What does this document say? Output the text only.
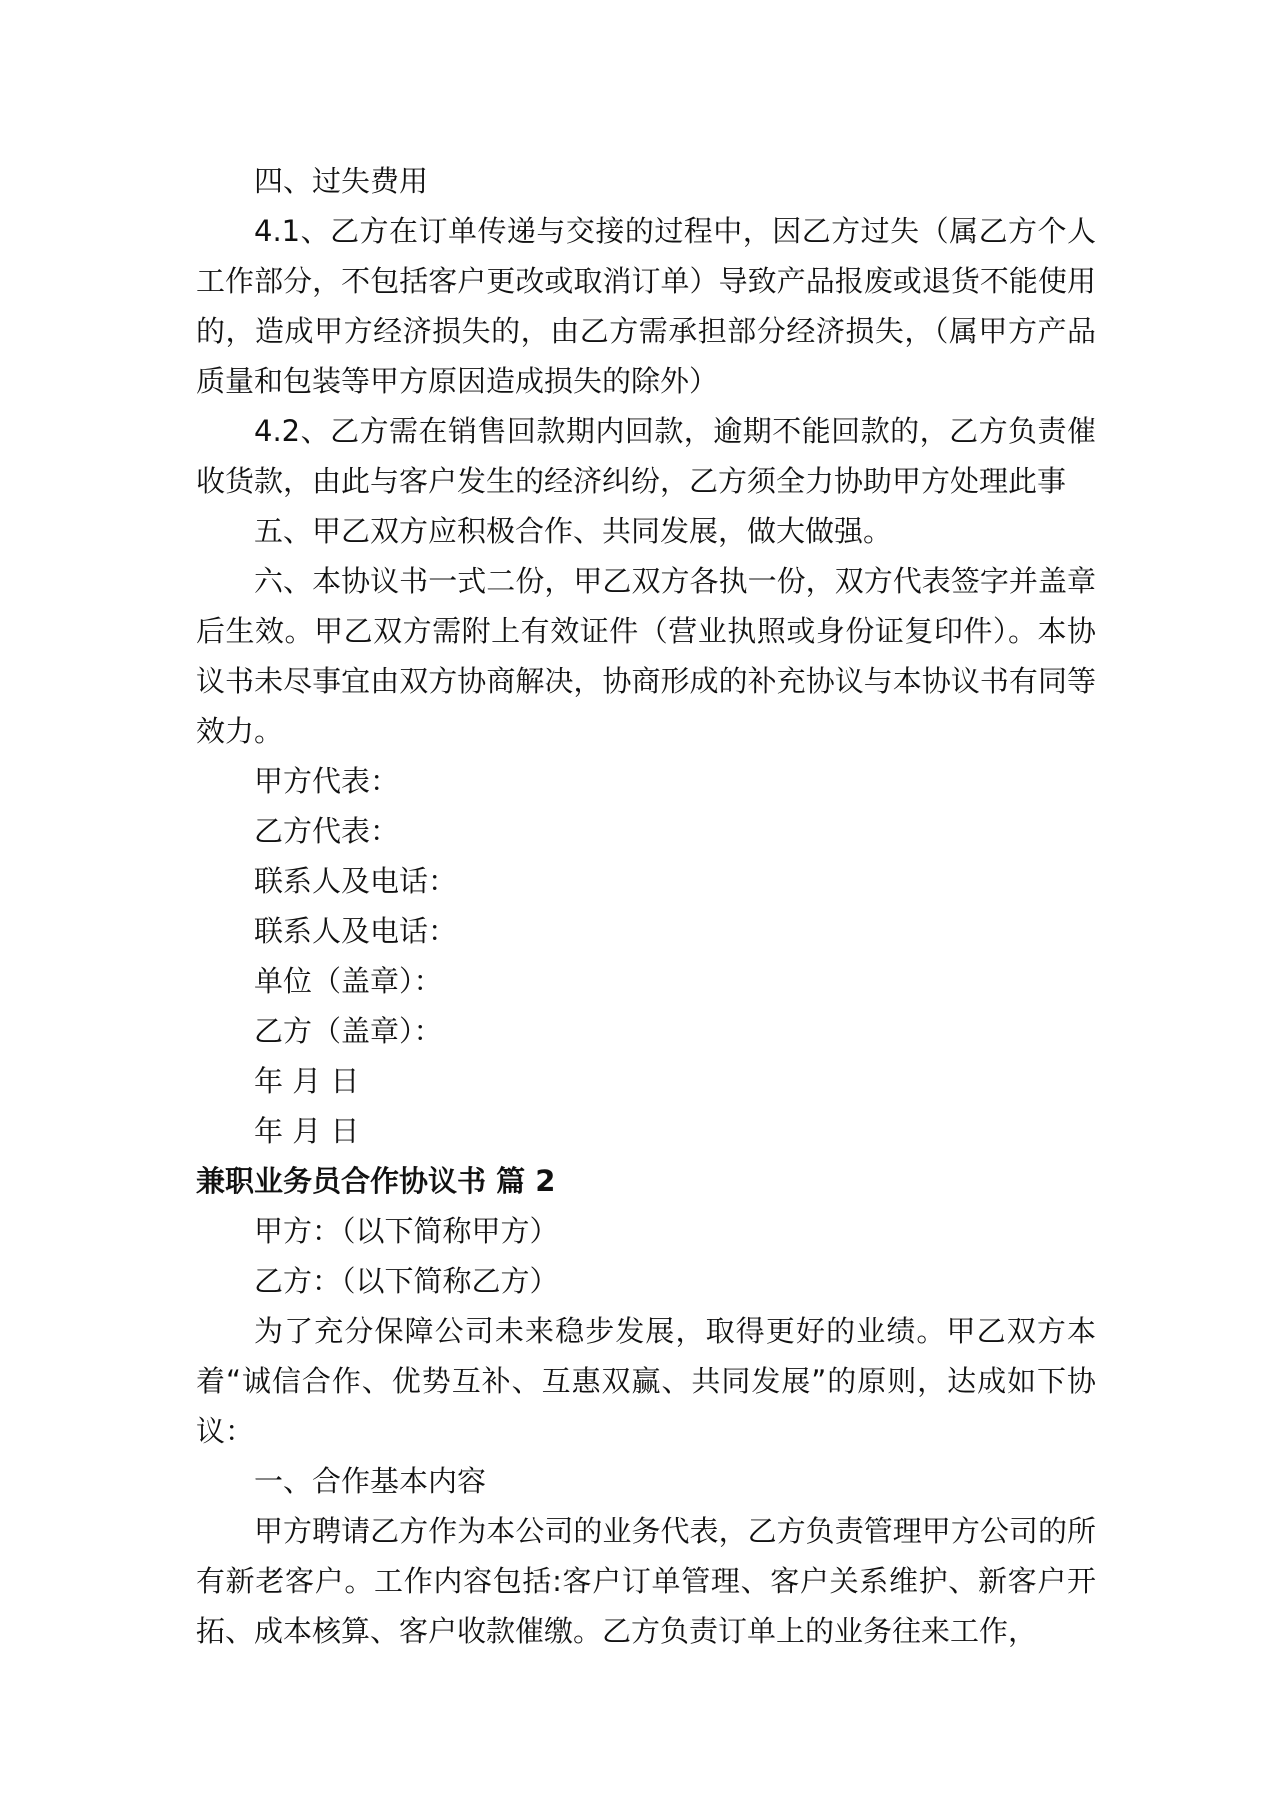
四、过失费用

4.1、乙方在订单传递与交接的过程中，因乙方过失（属乙方个人工作部分，不包括客户更改或取消订单）导致产品报废或退货不能使用的，造成甲方经济损失的，由乙方需承担部分经济损失，（属甲方产品质量和包装等甲方原因造成损失的除外）

4.2、乙方需在销售回款期内回款，逾期不能回款的，乙方负责催收货款，由此与客户发生的经济纠纷，乙方须全力协助甲方处理此事

五、甲乙双方应积极合作、共同发展，做大做强。

六、本协议书一式二份，甲乙双方各执一份，双方代表签字并盖章后生效。甲乙双方需附上有效证件（营业执照或身份证复印件）。本协议书未尽事宜由双方协商解决，协商形成的补充协议与本协议书有同等效力。

甲方代表：

乙方代表：

联系人及电话：

联系人及电话：

单位（盖章）：

乙方（盖章）：

年 月 日

年 月 日

兼职业务员合作协议书 篇 2

甲方：（以下简称甲方）

乙方：（以下简称乙方）

为了充分保障公司未来稳步发展，取得更好的业绩。甲乙双方本着“诚信合作、优势互补、互惠双赢、共同发展”的原则，达成如下协议：

一、合作基本内容

甲方聘请乙方作为本公司的业务代表，乙方负责管理甲方公司的所有新老客户。工作内容包括:客户订单管理、客户关系维护、新客户开拓、成本核算、客户收款催缴。乙方负责订单上的业务往来工作，
